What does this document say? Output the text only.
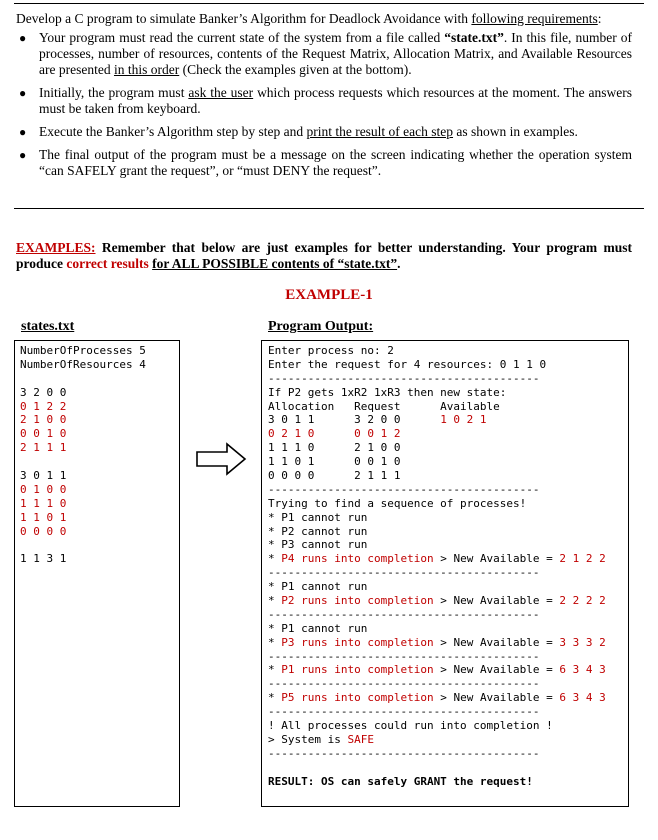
Develop a C program to simulate Banker’s Algorithm for Deadlock Avoidance with following requirements:
● Your program must read the current state of the system from a file called “state.txt”. In this file, number of processes, number of resources, contents of the Request Matrix, Allocation Matrix, and Available Resources are presented in this order (Check the examples given at the bottom).
● Initially, the program must ask the user which process requests which resources at the moment. The answers must be taken from keyboard.
● Execute the Banker’s Algorithm step by step and print the result of each step as shown in examples.
● The final output of the program must be a message on the screen indicating whether the operation system “can SAFELY grant the request”, or “must DENY the request”.
EXAMPLES: Remember that below are just examples for better understanding. Your program must produce correct results for ALL POSSIBLE contents of “state.txt”.
EXAMPLE-1
states.txt	Program Output:
NumberOfProcesses 5
NumberOfResources 4

3 2 0 0
0 1 2 2
2 1 0 0
0 0 1 0
2 1 1 1

3 0 1 1
0 1 0 0
1 1 1 0
1 1 0 1
0 0 0 0

1 1 3 1
Enter process no: 2
Enter the request for 4 resources: 0 1 1 0
-----------------------------------------
If P2 gets 1xR2 1xR3 then new state:
Allocation   Request      Available
3 0 1 1      3 2 0 0      1 0 2 1
0 2 1 0      0 0 1 2
1 1 1 0      2 1 0 0
1 1 0 1      0 0 1 0
0 0 0 0      2 1 1 1
-----------------------------------------
Trying to find a sequence of processes!
* P1 cannot run
* P2 cannot run
* P3 cannot run
* P4 runs into completion > New Available = 2 1 2 2
-----------------------------------------
* P1 cannot run
* P2 runs into completion > New Available = 2 2 2 2
-----------------------------------------
* P1 cannot run
* P3 runs into completion > New Available = 3 3 3 2
-----------------------------------------
* P1 runs into completion > New Available = 6 3 4 3
-----------------------------------------
* P5 runs into completion > New Available = 6 3 4 3
-----------------------------------------
! All processes could run into completion !
> System is SAFE
-----------------------------------------

RESULT: OS can safely GRANT the request!
